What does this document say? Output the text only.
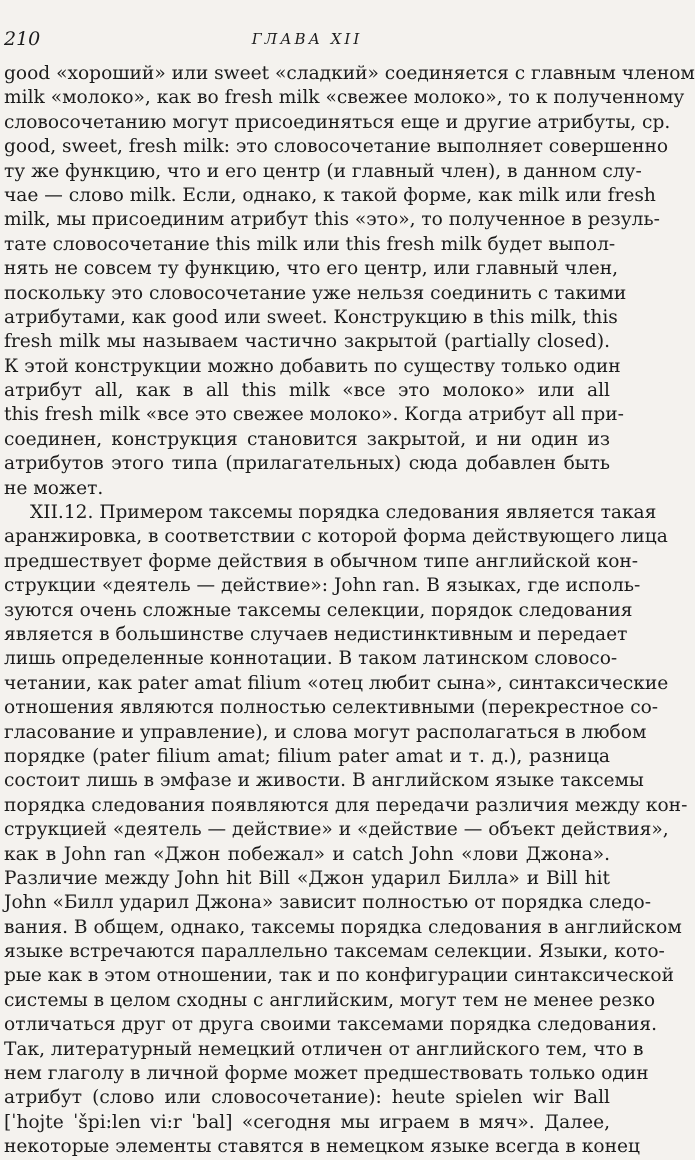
210	ГЛАВА XII
good «хороший» или sweet «сладкий» соединяется с главным членом
milk «молоко», как во fresh milk «свежее молоко», то к полученному
словосочетанию могут присоединяться еще и другие атрибуты, ср.
good, sweet, fresh milk: это словосочетание выполняет совершенно
ту же функцию, что и его центр (и главный член), в данном слу-
чае — слово milk. Если, однако, к такой форме, как milk или fresh
milk, мы присоединим атрибут this «это», то полученное в резуль-
тате словосочетание this milk или this fresh milk будет выпол-
нять не совсем ту функцию, что его центр, или главный член,
поскольку это словосочетание уже нельзя соединить с такими
атрибутами, как good или sweet. Конструкцию в this milk, this
fresh milk мы называем частично закрытой (partially closed).
К этой конструкции можно добавить по существу только один
атрибут all, как в all this milk «все это молоко» или all
this fresh milk «все это свежее молоко». Когда атрибут all при-
соединен, конструкция становится закрытой, и ни один из
атрибутов этого типа (прилагательных) сюда добавлен быть
не может.
XII.12. Примером таксемы порядка следования является такая
аранжировка, в соответствии с которой форма действующего лица
предшествует форме действия в обычном типе английской кон-
струкции «деятель — действие»: John ran. В языках, где исполь-
зуются очень сложные таксемы селекции, порядок следования
является в большинстве случаев недистинктивным и передает
лишь определенные коннотации. В таком латинском словосо-
четании, как pater amat filium «отец любит сына», синтаксические
отношения являются полностью селективными (перекрестное со-
гласование и управление), и слова могут располагаться в любом
порядке (pater filium amat; filium pater amat и т. д.), разница
состоит лишь в эмфазе и живости. В английском языке таксемы
порядка следования появляются для передачи различия между кон-
струкцией «деятель — действие» и «действие — объект действия»,
как в John ran «Джон побежал» и catch John «лови Джона».
Различие между John hit Bill «Джон ударил Билла» и Bill hit
John «Билл ударил Джона» зависит полностью от порядка следо-
вания. В общем, однако, таксемы порядка следования в английском
языке встречаются параллельно таксемам селекции. Языки, кото-
рые как в этом отношении, так и по конфигурации синтаксической
системы в целом сходны с английским, могут тем не менее резко
отличаться друг от друга своими таксемами порядка следования.
Так, литературный немецкий отличен от английского тем, что в
нем глаголу в личной форме может предшествовать только один
атрибут (слово или словосочетание): heute spielen wir Ball
[ˈhojte ˈšpi:len vi:r ˈbal] «сегодня мы играем в мяч». Далее,
некоторые элементы ставятся в немецком языке всегда в конец
